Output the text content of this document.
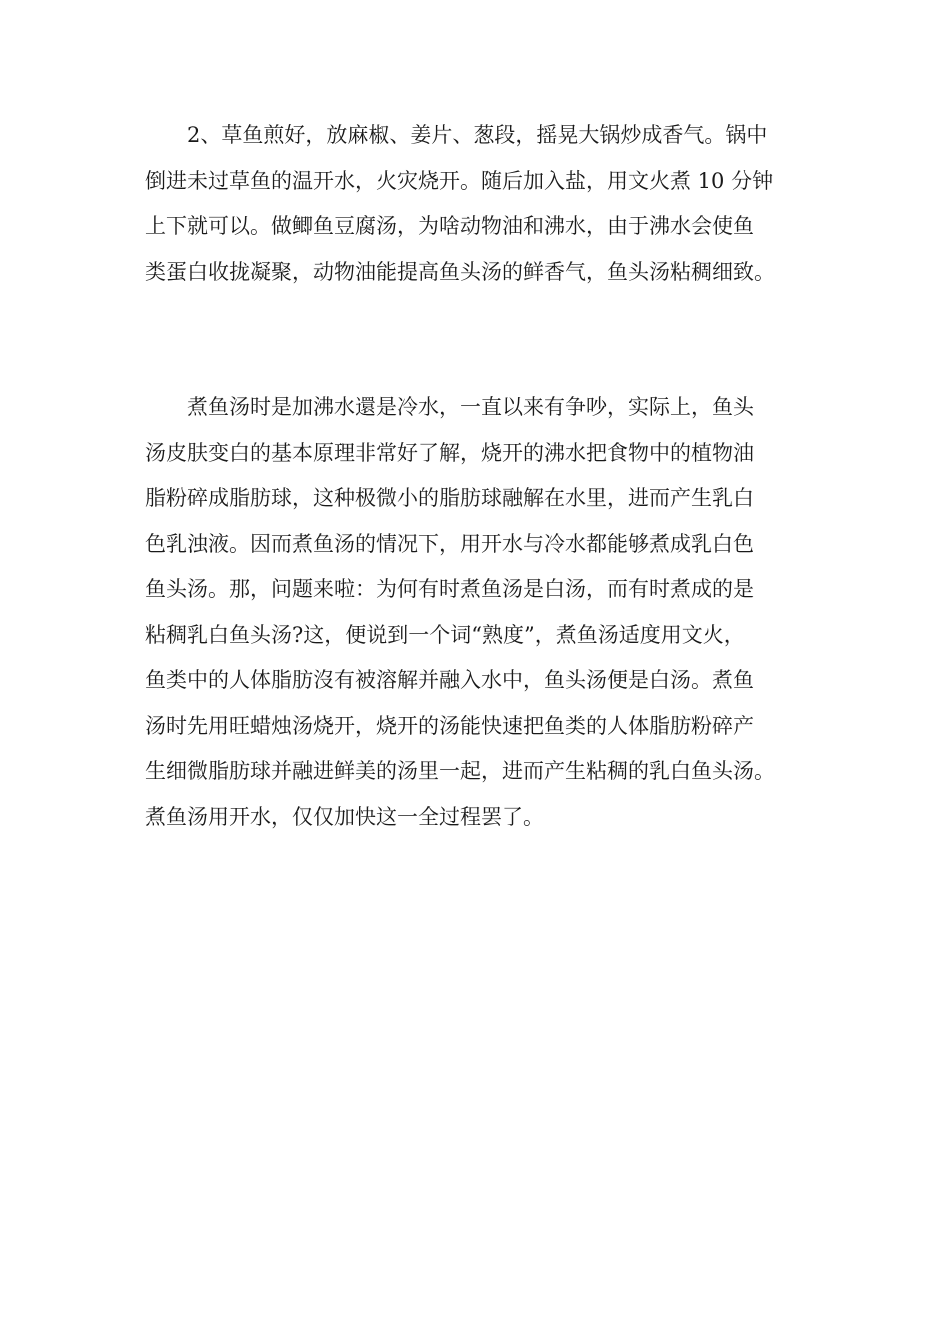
2、草鱼煎好，放麻椒、姜片、葱段，摇晃大锅炒成香气。锅中
倒进未过草鱼的温开水，火灾烧开。随后加入盐，用文火煮 10 分钟
上下就可以。做鲫鱼豆腐汤，为啥动物油和沸水，由于沸水会使鱼
类蛋白收拢凝聚，动物油能提高鱼头汤的鲜香气，鱼头汤粘稠细致。
煮鱼汤时是加沸水還是冷水，一直以来有争吵，实际上，鱼头
汤皮肤变白的基本原理非常好了解，烧开的沸水把食物中的植物油
脂粉碎成脂肪球，这种极微小的脂肪球融解在水里，进而产生乳白
色乳浊液。因而煮鱼汤的情况下，用开水与冷水都能够煮成乳白色
鱼头汤。那，问题来啦：为何有时煮鱼汤是白汤，而有时煮成的是
粘稠乳白鱼头汤?这，便说到一个词“熟度”，煮鱼汤适度用文火，
鱼类中的人体脂肪沒有被溶解并融入水中，鱼头汤便是白汤。煮鱼
汤时先用旺蜡烛汤烧开，烧开的汤能快速把鱼类的人体脂肪粉碎产
生细微脂肪球并融进鲜美的汤里一起，进而产生粘稠的乳白鱼头汤。
煮鱼汤用开水，仅仅加快这一全过程罢了。
